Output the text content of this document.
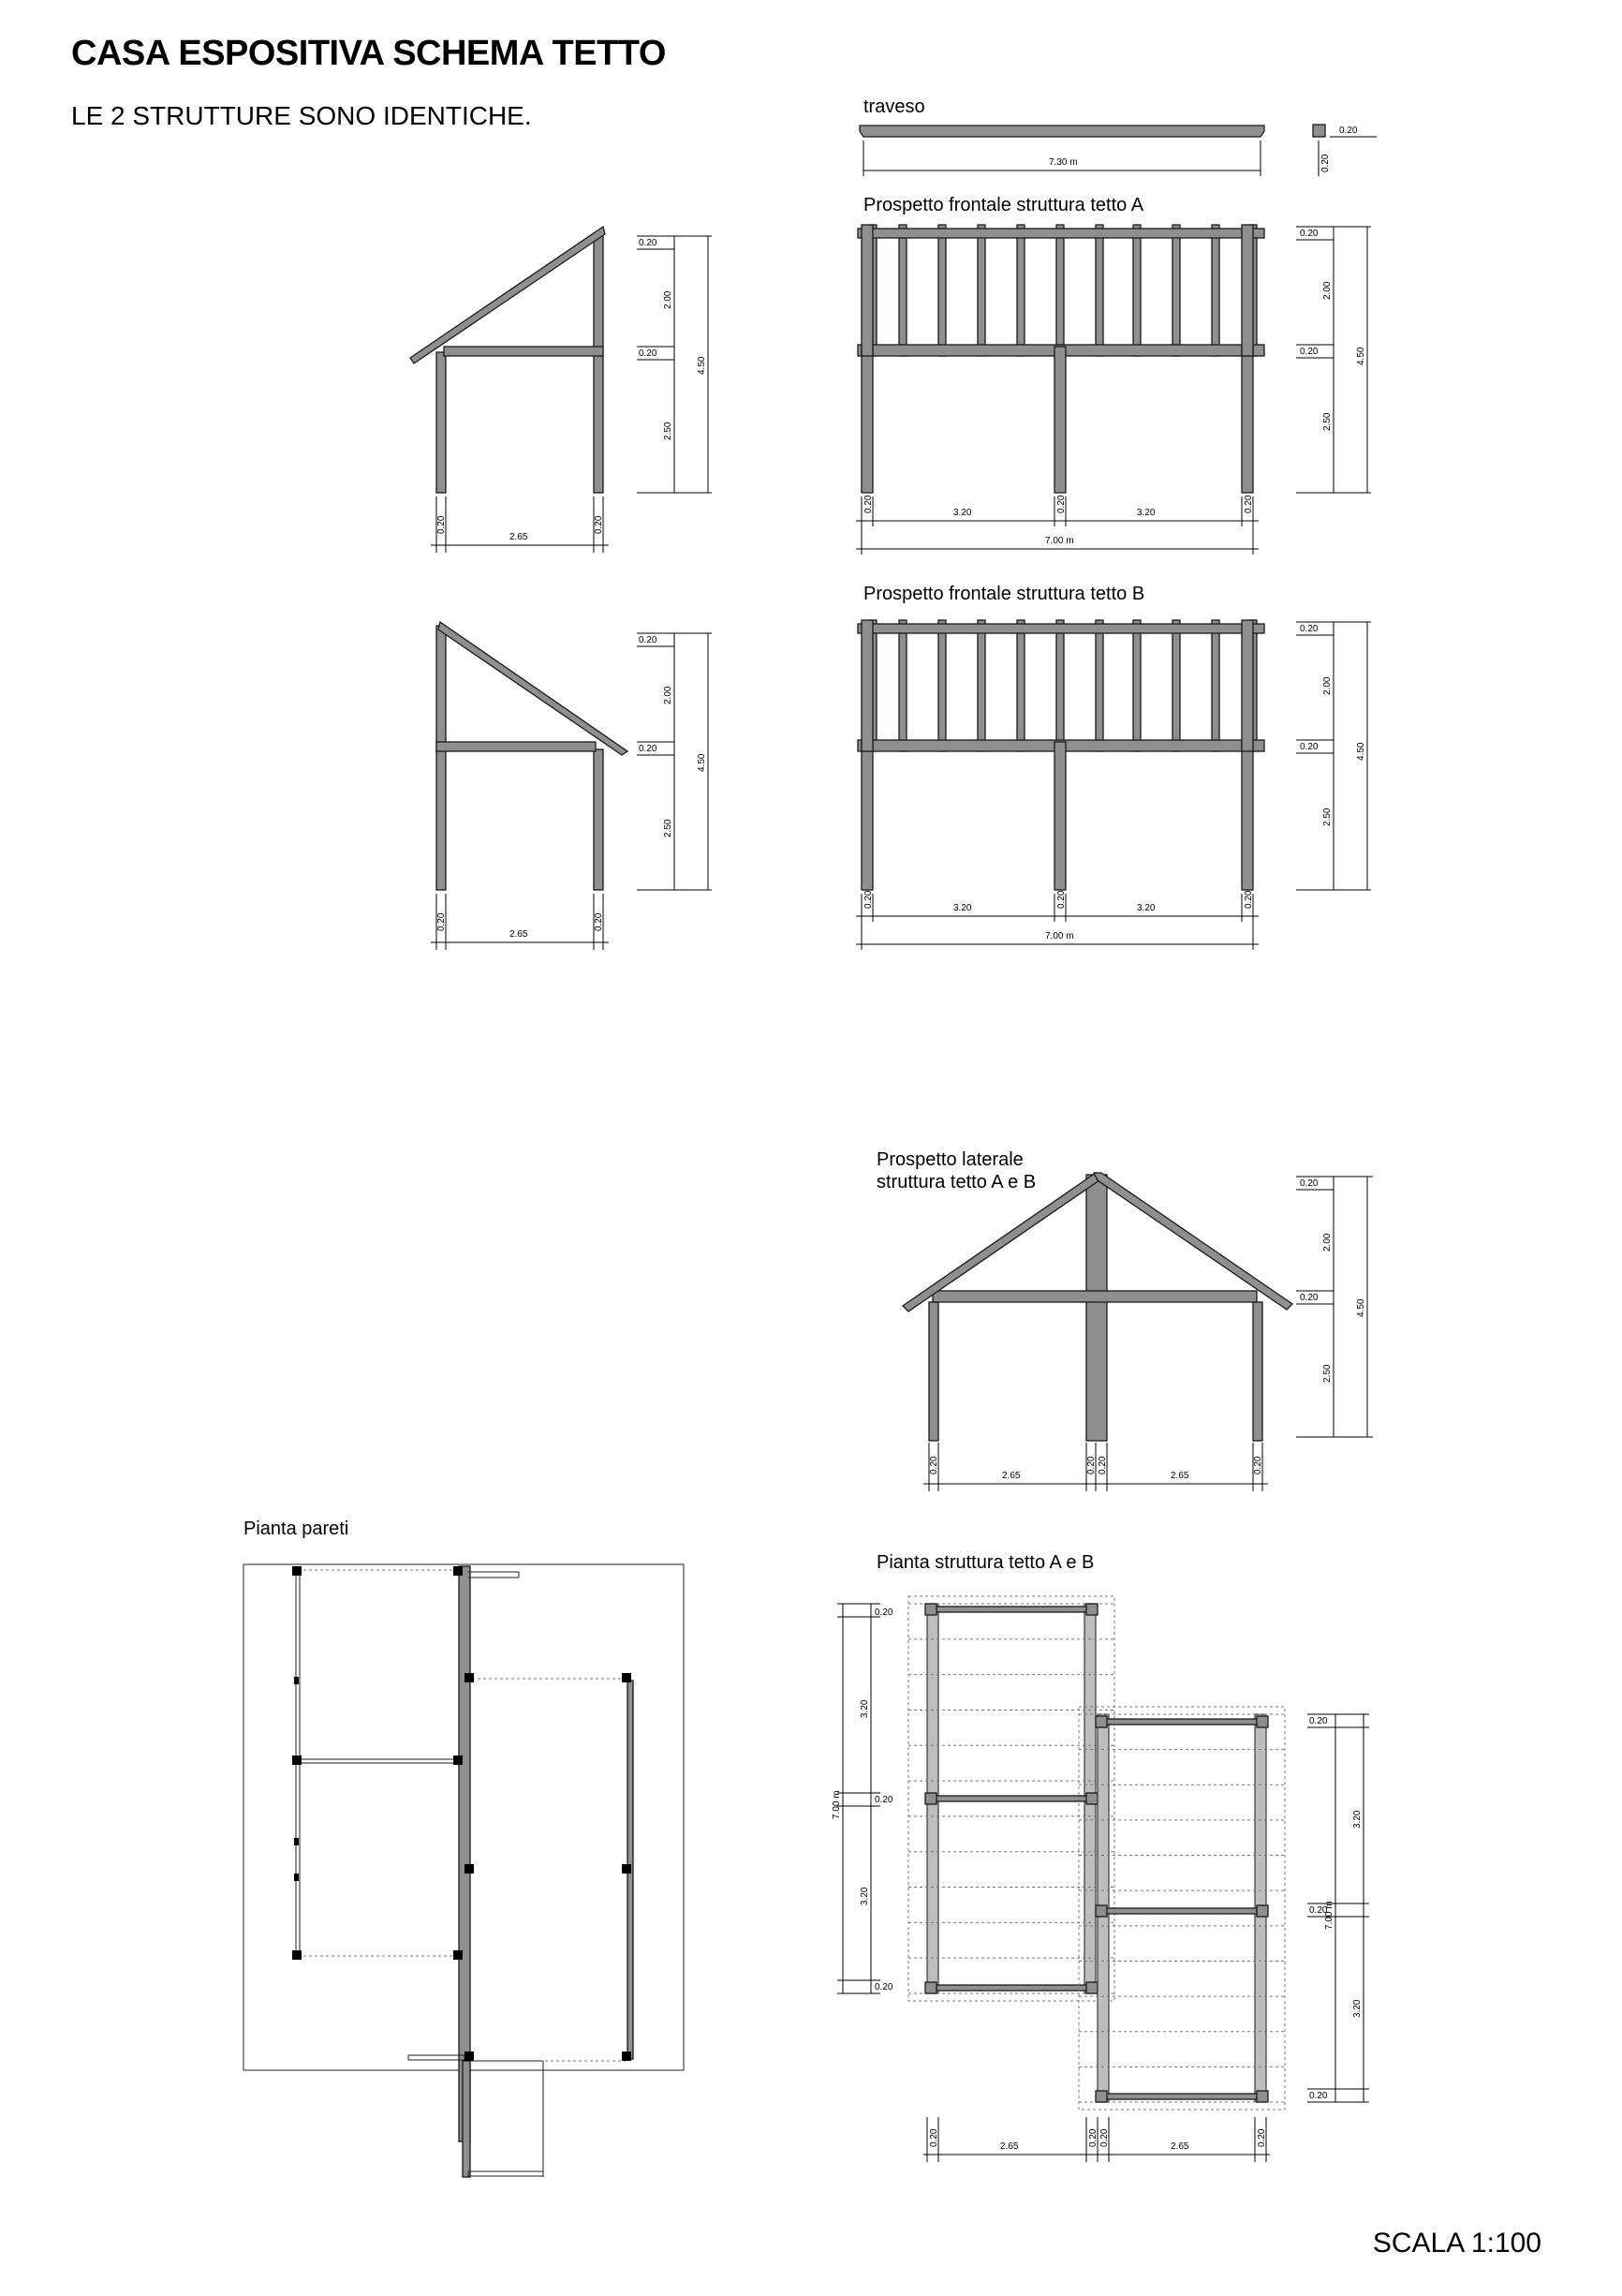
CASA ESPOSITIVA SCHEMA TETTO
LE 2 STRUTTURE SONO IDENTICHE.	traveso
Prospetto frontale struttura tetto A
Prospetto frontale struttura tetto B
Prospetto laterale
struttura tetto A e B
Pianta pareti
Pianta struttura tetto A e B
SCALA 1:100
7.30 m
0.20
0.20
0.20	0.20
2.65
0.20
0.20
2.00
2.50
4.50
0.20	0.20	0.20
3.20	3.20
7.00 m
0.20
0.20
2.00
2.50
4.50
0.20	0.20
2.65
0.20
0.20
2.00
2.50
4.50
0.20	0.20	0.20
3.20	3.20
7.00 m
0.20
0.20
2.00
2.50
4.50
0.20	0.20 0.20	0.20
2.65	2.65
0.20
0.20
2.00
2.50
4.50
0.20
0.20
0.20
3.20
3.20
7.00 m
0.20
0.20
0.20
3.20
3.20
7.00 m
0.20	0.20 0.20	0.20
2.65	2.65
